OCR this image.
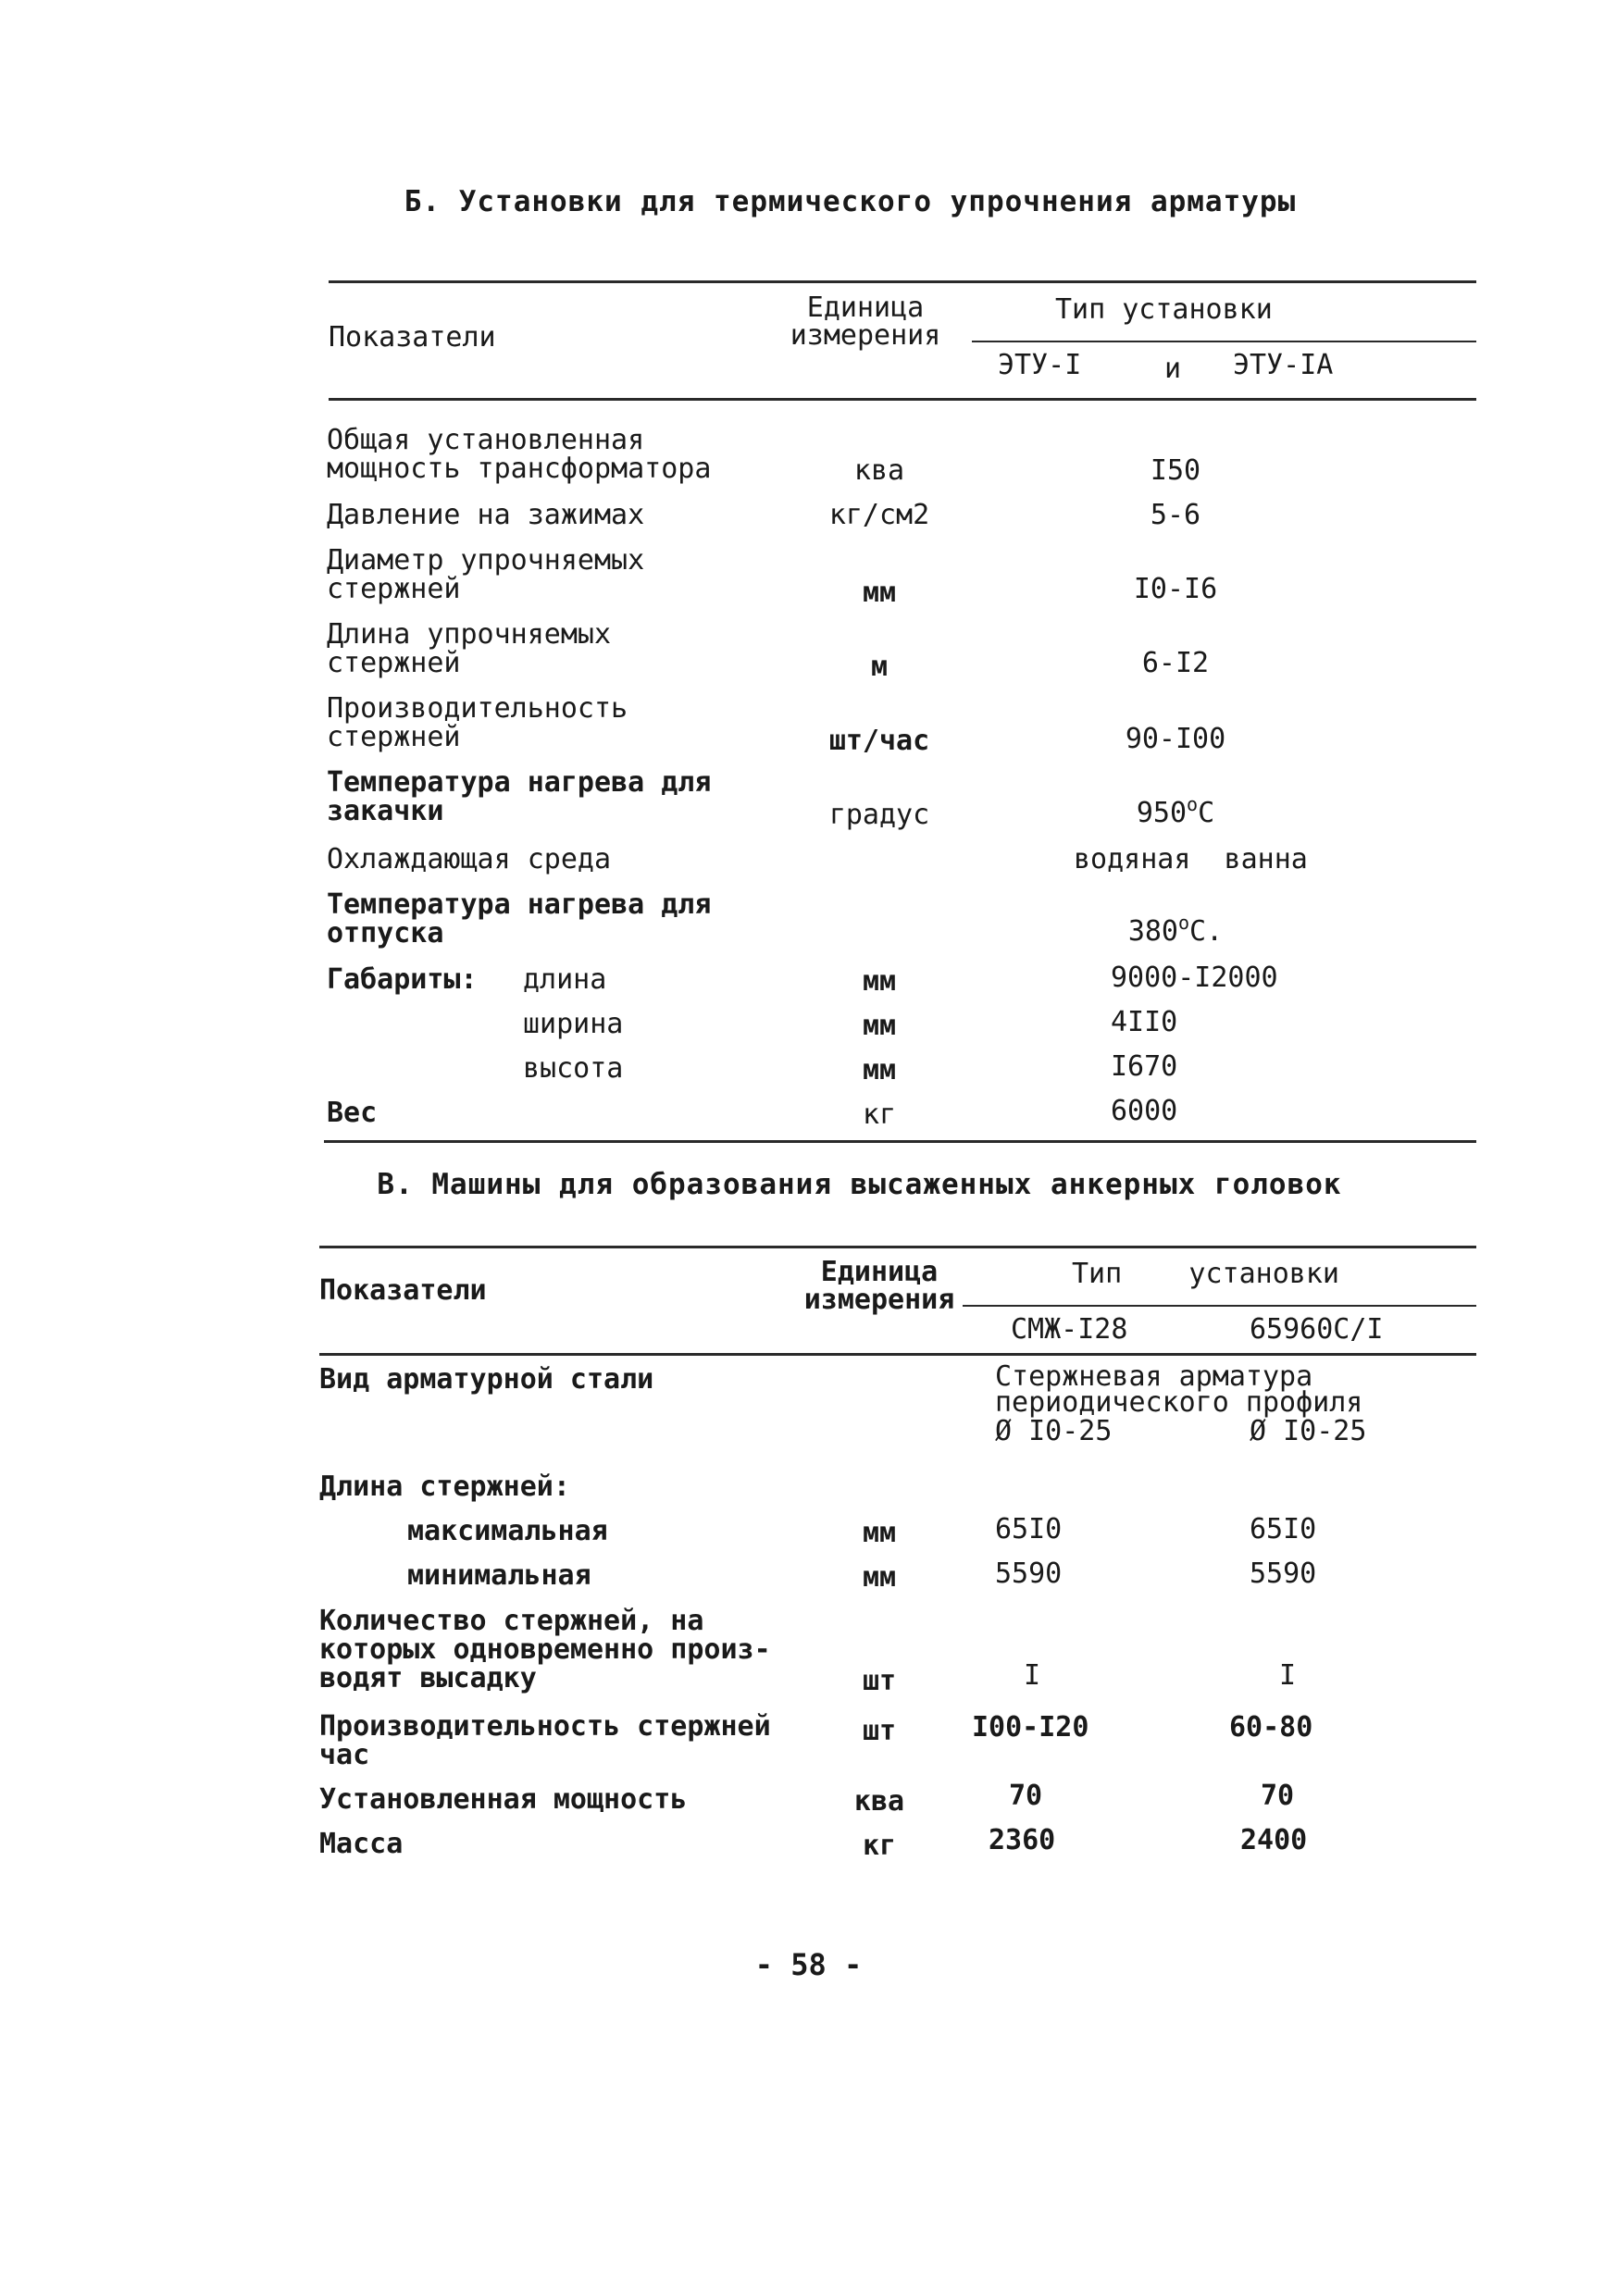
Б. Установки для термического упрочнения арматуры
Показатели
Единица
измерения
Тип установки
ЭТУ-I	и ЭТУ-IA
Общая установленная
мощность трансформатора	ква	I50
Давление на зажимах	кг/см2	5-6
Диаметр упрочняемых
стержней	мм	I0-I6
Длина упрочняемых
стержней	м	6-I2
Производительность
стержней	шт/час	90-I00
Температура нагрева для
закачки	градус	$950^оС$
Охлаждающая среда	водяная  ванна
Температура нагрева для
отпуска	$380^оС$.
Габариты: длина	мм	9000-I2000
ширина	мм	4II0
высота	мм	I670
Вес	кг	6000
В. Машины для образования высаженных анкерных головок
Показатели
Единица
измерения
Тип    установки
СМЖ-I28	65960С/I
Вид арматурной стали	Стержневая арматура
периодического профиля
Ø I0-25	Ø I0-25
Длина стержней:
максимальная	мм	65I0	65I0
минимальная	мм	5590	5590
Количество стержней, на
которых одновременно произ-
водят высадку	шт	I	I
Производительность стержней
час
шт	I00-I20	60-80
Установленная мощность	ква	70	70
Масса	кг	2360	2400
- 58 -
